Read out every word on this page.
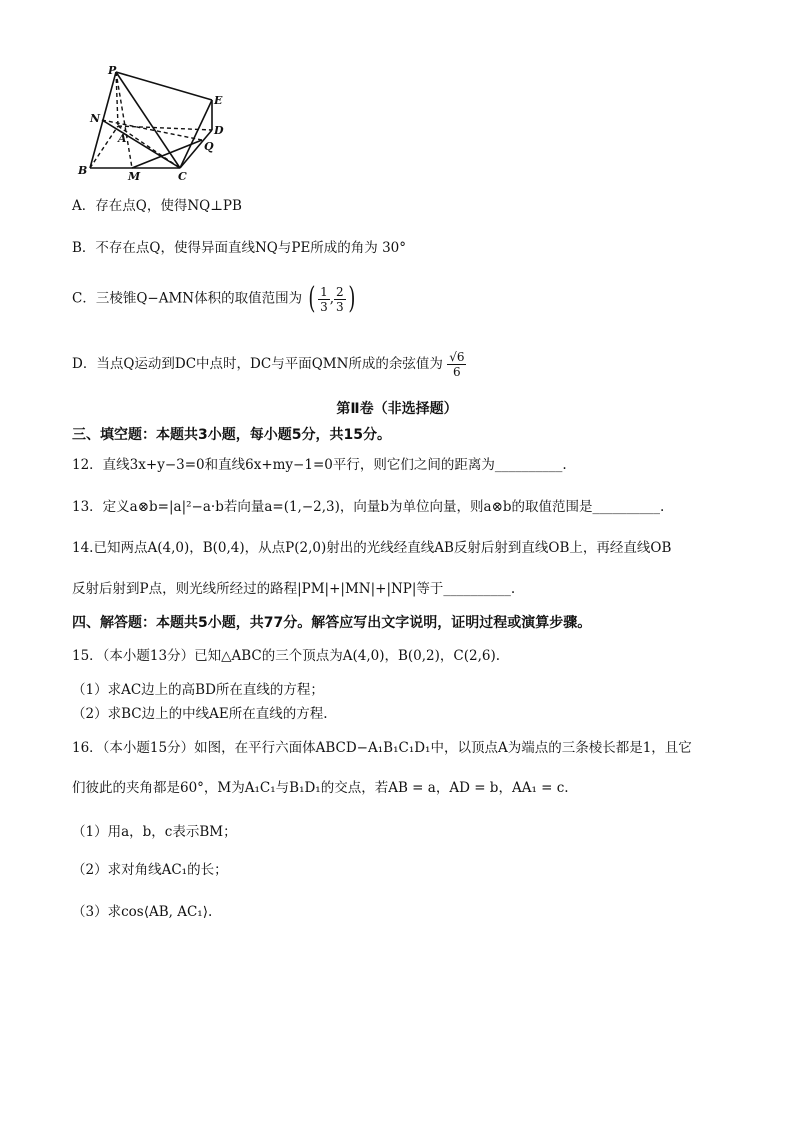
P
E
N
A
D
Q
B	M	C
A．存在点Q，使得NQ⊥PB
B．不存在点Q，使得异面直线NQ与PE所成的角为 30°
C．三棱锥Q−AMN体积的取值范围为 ( $\frac{1}{3}$ , $\frac{2}{3}$ )
D．当点Q运动到DC中点时，DC与平面QMN所成的余弦值为 $\frac{√6}{6}$
第Ⅱ卷（非选择题）
三、填空题：本题共3小题，每小题5分，共15分。
12．直线3x+y−3=0和直线6x+my−1=0平行，则它们之间的距离为__________.
13．定义a⊗b=|a|²−a·b若向量a=(1,−2,3)，向量b为单位向量，则a⊗b的取值范围是__________.
14.已知两点A(4,0)，B(0,4)，从点P(2,0)射出的光线经直线AB反射后射到直线OB上，再经直线OB
反射后射到P点，则光线所经过的路程|PM|+|MN|+|NP|等于__________.
四、解答题：本题共5小题，共77分。解答应写出文字说明，证明过程或演算步骤。
15．（本小题13分）已知△ABC的三个顶点为A(4,0)，B(0,2)，C(2,6).
（1）求AC边上的高BD所在直线的方程；
（2）求BC边上的中线AE所在直线的方程.
16．（本小题15分）如图，在平行六面体ABCD−A₁B₁C₁D₁中，以顶点A为端点的三条棱长都是1，且它
们彼此的夹角都是60°，M为A₁C₁与B₁D₁的交点，若AB = a，AD = b，AA₁ = c.
（1）用a，b，c表示BM；
（2）求对角线AC₁的长；
（3）求cos⟨AB, AC₁⟩.
